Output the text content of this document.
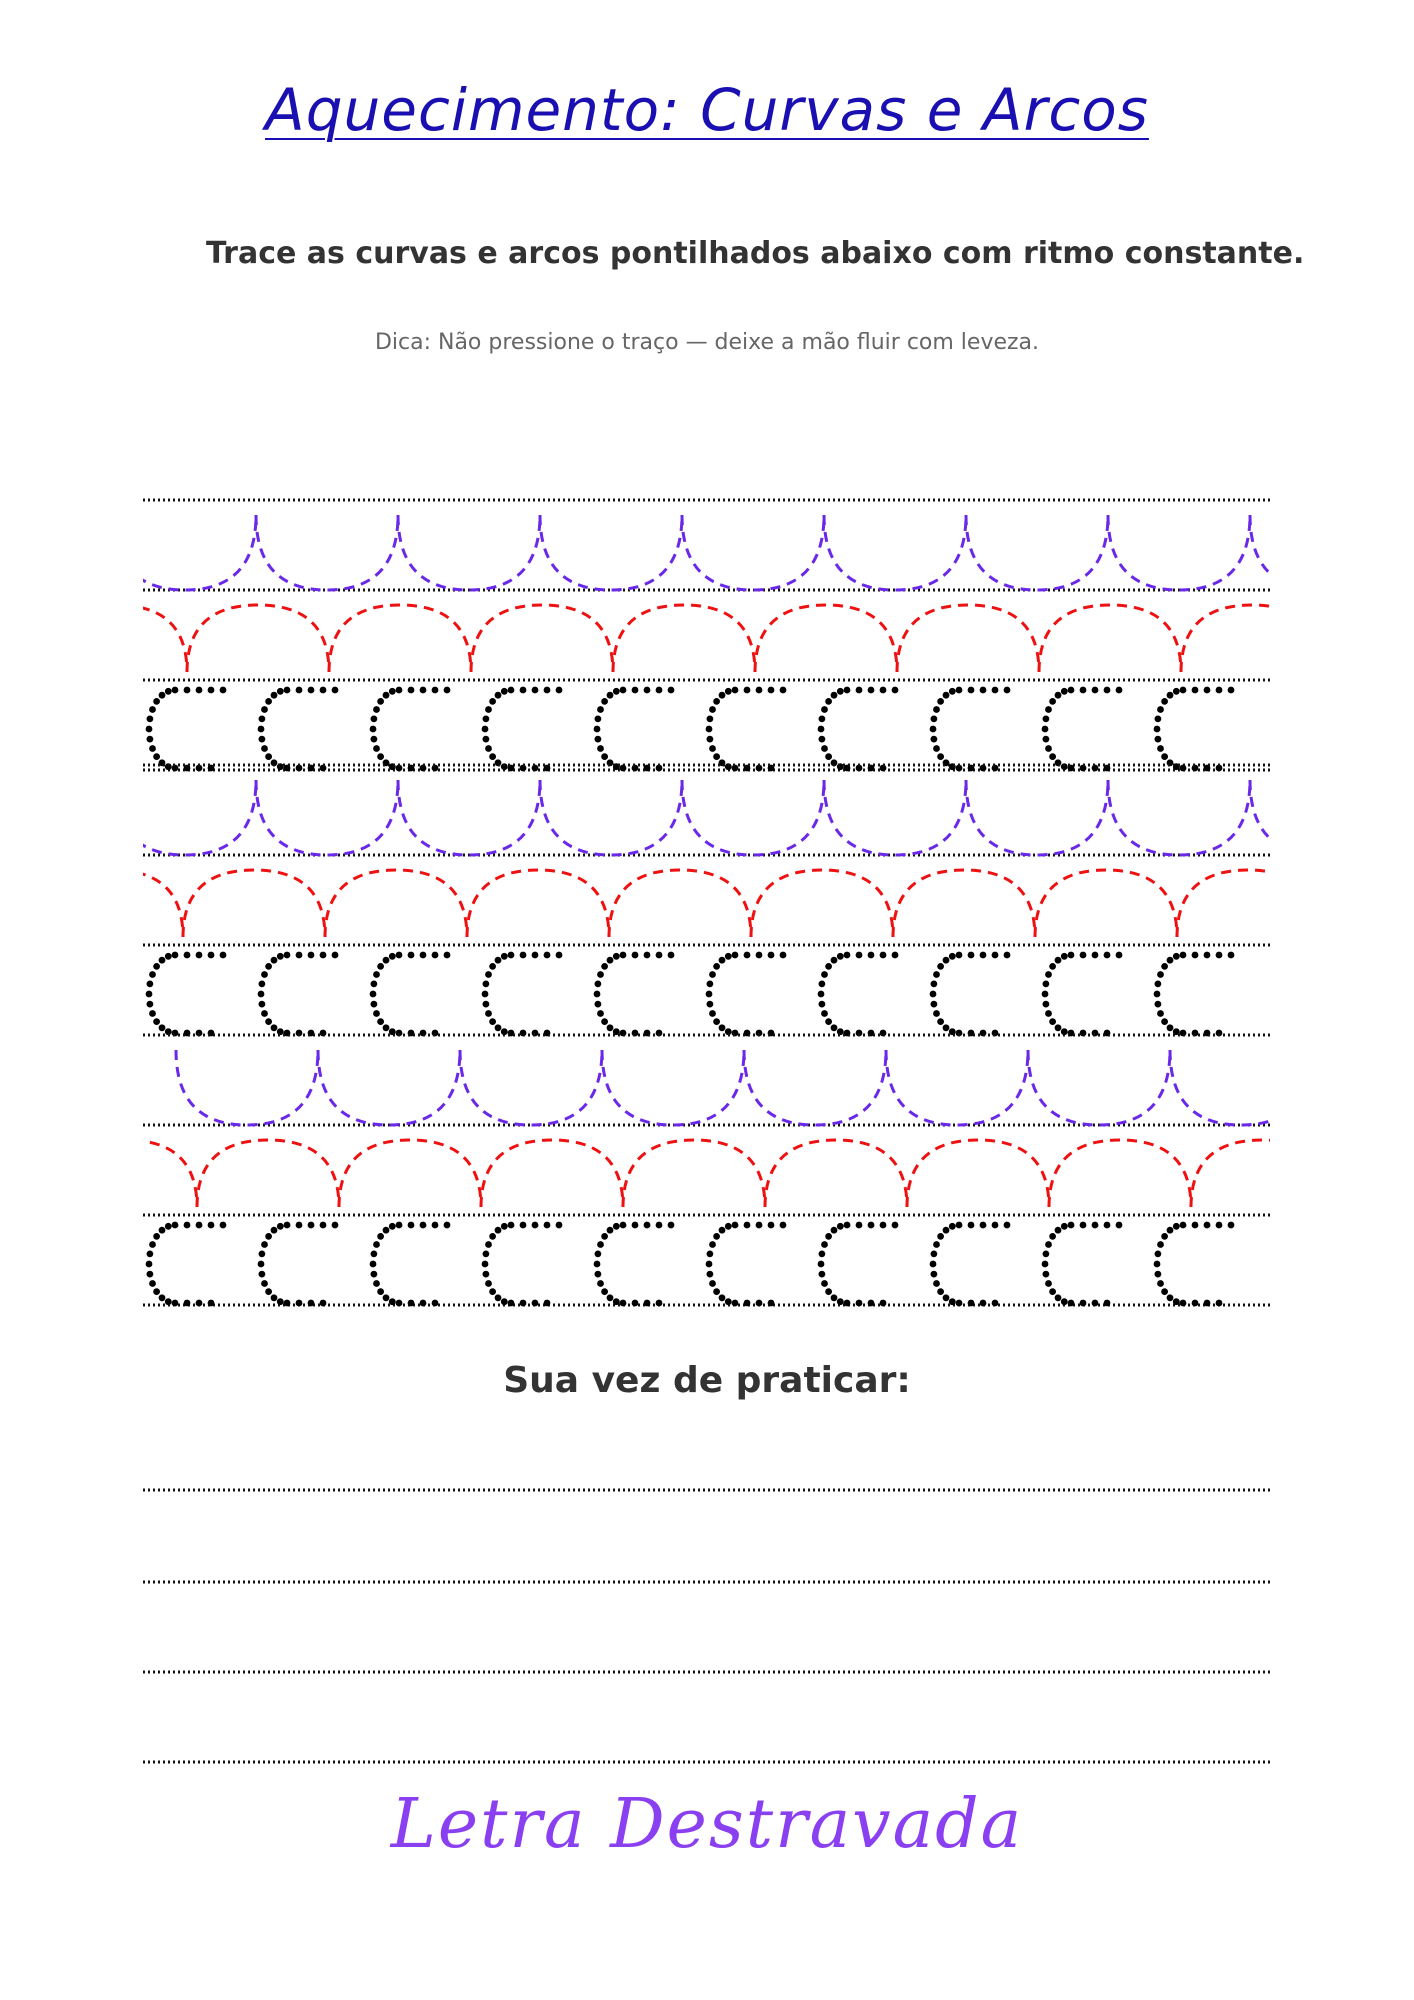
Aquecimento: Curvas e Arcos
Trace as curvas e arcos pontilhados abaixo com ritmo constante.
Dica: Não pressione o traço — deixe a mão fluir com leveza.
Sua vez de praticar:
Letra Destravada
